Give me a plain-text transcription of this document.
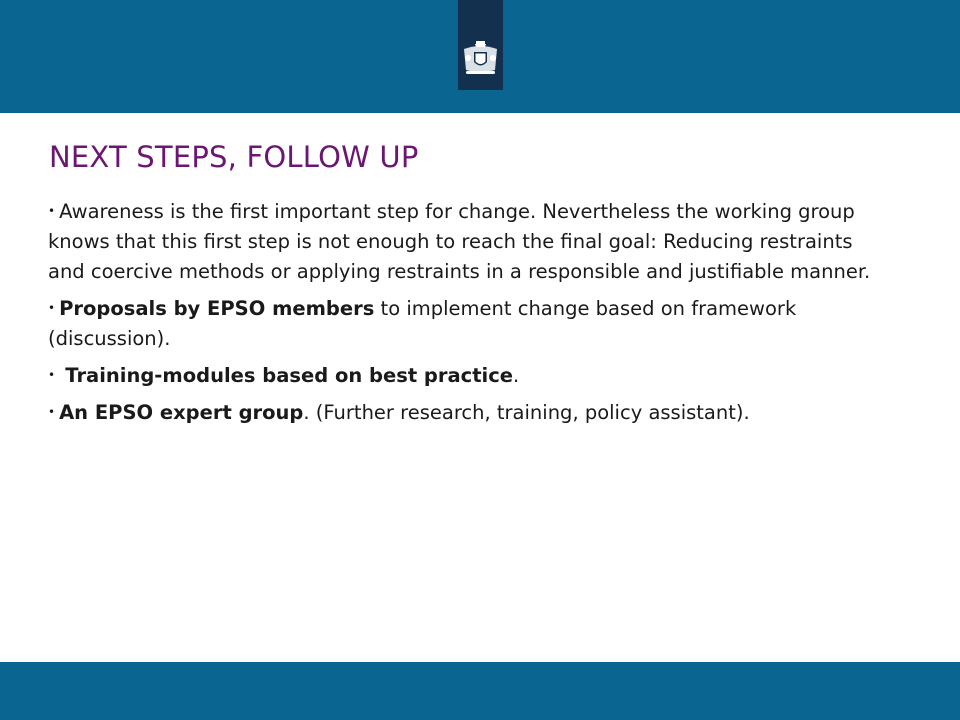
NEXT STEPS, FOLLOW UP
• Awareness is the first important step for change. Nevertheless the working group knows that this first step is not enough to reach the final goal: Reducing restraints and coercive methods or applying restraints in a responsible and justifiable manner.
• Proposals by EPSO members to implement change based on framework (discussion).
• Training-modules based on best practice.
• An EPSO expert group. (Further research, training, policy assistant).
